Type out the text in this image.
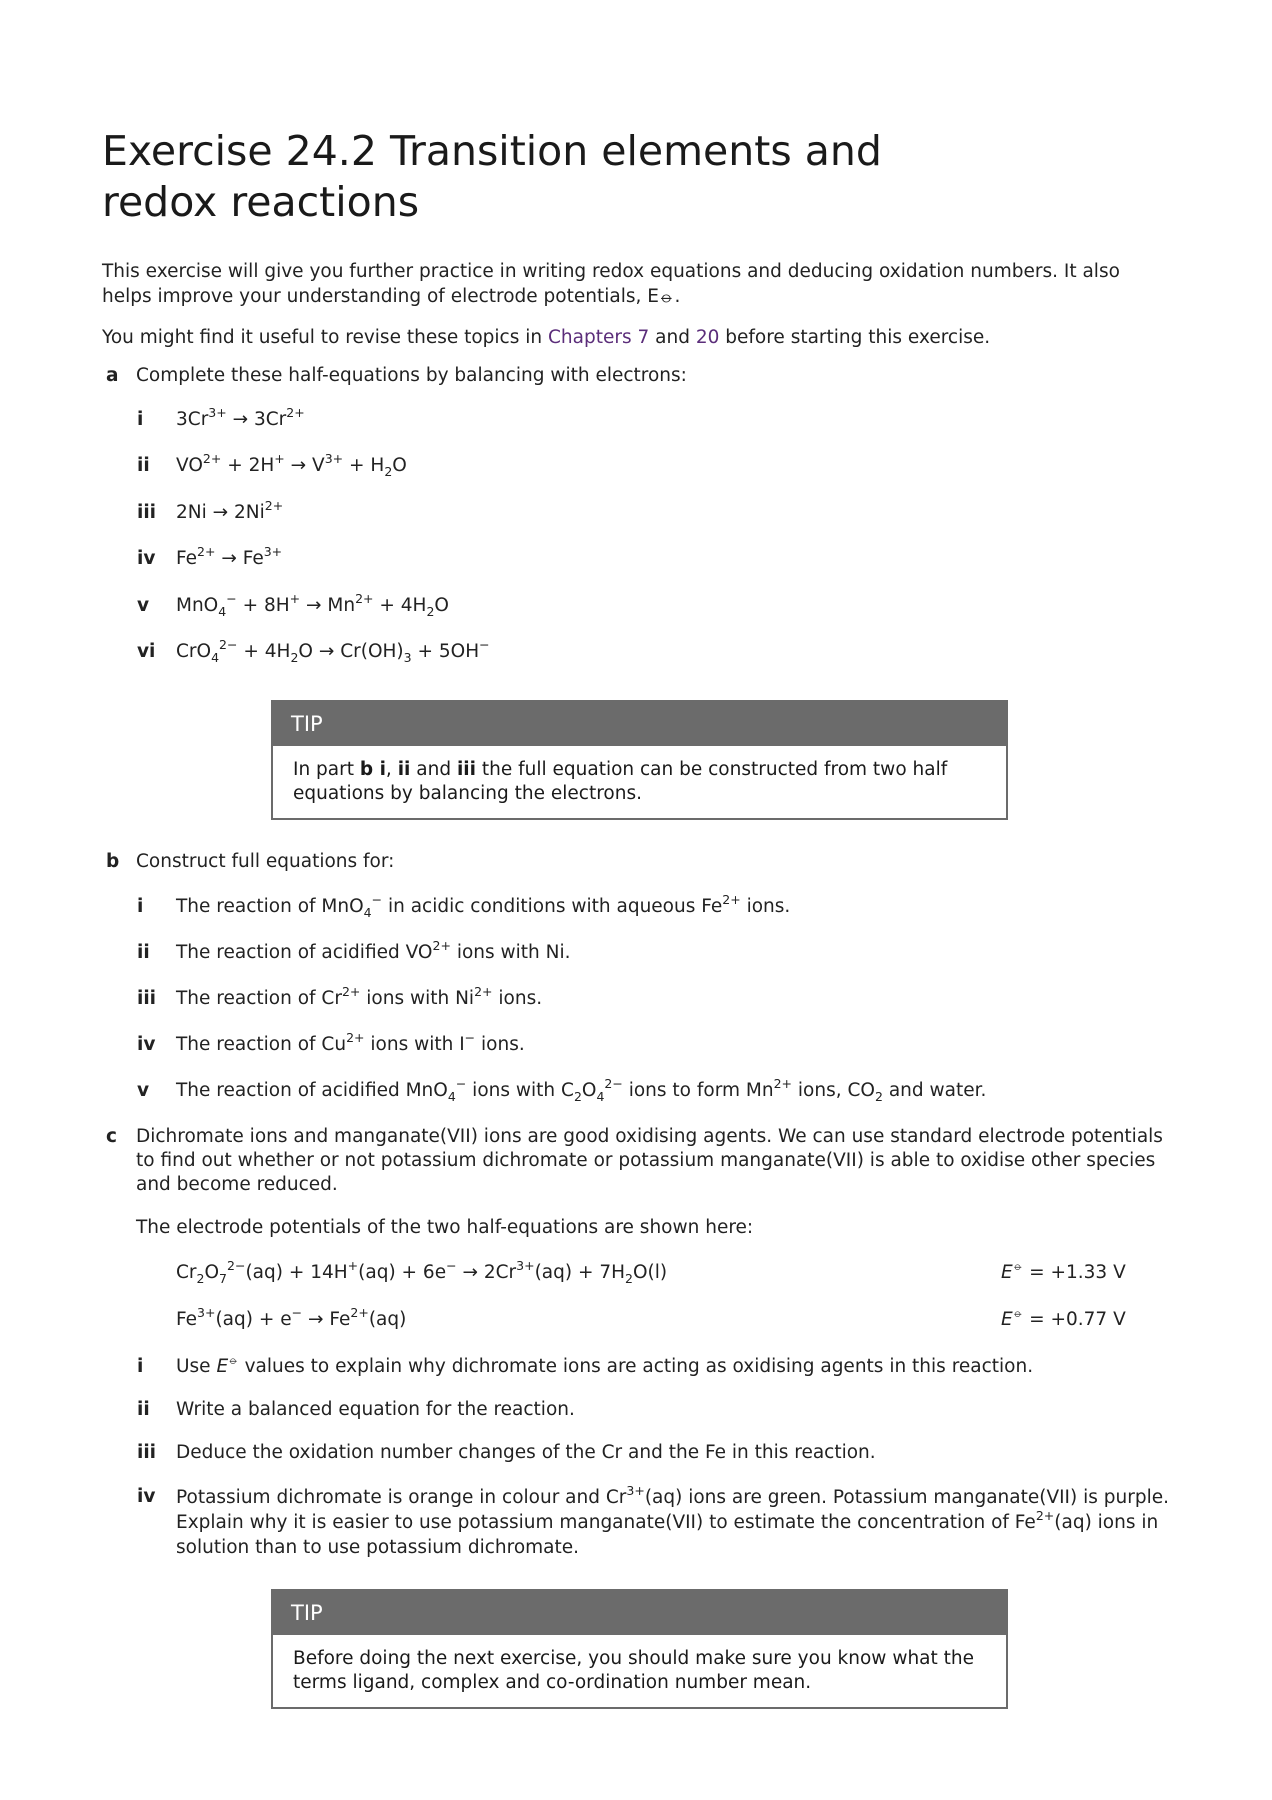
Exercise 24.2 Transition elements and redox reactions

This exercise will give you further practice in writing redox equations and deducing oxidation numbers. It also helps improve your understanding of electrode potentials, E⦵.

You might find it useful to revise these topics in Chapters 7 and 20 before starting this exercise.

a Complete these half-equations by balancing with electrons:
i $3Cr^{3+} \to 3Cr^{2+}$
ii $VO^{2+} + 2H^+ \to V^{3+} + H_2O$
iii $2Ni \to 2Ni^{2+}$
iv $Fe^{2+} \to Fe^{3+}$
v $MnO_4^- + 8H^+ \to Mn^{2+} + 4H_2O$
vi $CrO_4^{2-} + 4H_2O \to Cr(OH)_3 + 5OH^-$
TIP
In part b i, ii and iii the full equation can be constructed from two half equations by balancing the electrons.
b Construct full equations for:
i The reaction of MnO$_4$− in acidic conditions with aqueous $Fe^{2+}$ ions.
ii The reaction of acidified $VO^{2+}$ ions with Ni.
iii The reaction of $Cr^{2+}$ ions with $Ni^{2+}$ ions.
iv The reaction of $Cu^{2+}$ ions with I− ions.
v The reaction of acidified MnO$_4$− ions with $C_2O_4^{2-}$ ions to form $Mn^{2+}$ ions, $CO_2$ and water.
c Dichromate ions and manganate(VII) ions are good oxidising agents. We can use standard electrode potentials to find out whether or not potassium dichromate or potassium manganate(VII) is able to oxidise other species and become reduced.
The electrode potentials of the two half-equations are shown here:
$Cr_2O_7^{2-}(aq) + 14H^+(aq) + 6e^- \to 2Cr^{3+}(aq) + 7H_2O(l)$	E⦵ = +1.33 V
$Fe^{3+}(aq) + e^- \to Fe^{2+}(aq)$	E⦵ = +0.77 V
i Use E⦵ values to explain why dichromate ions are acting as oxidising agents in this reaction.
ii Write a balanced equation for the reaction.
iii Deduce the oxidation number changes of the Cr and the Fe in this reaction.
iv Potassium dichromate is orange in colour and $Cr^{3+}(aq)$ ions are green. Potassium manganate(VII) is purple. Explain why it is easier to use potassium manganate(VII) to estimate the concentration of $Fe^{2+}(aq)$ ions in solution than to use potassium dichromate.
TIP
Before doing the next exercise, you should make sure you know what the terms ligand, complex and co-ordination number mean.
